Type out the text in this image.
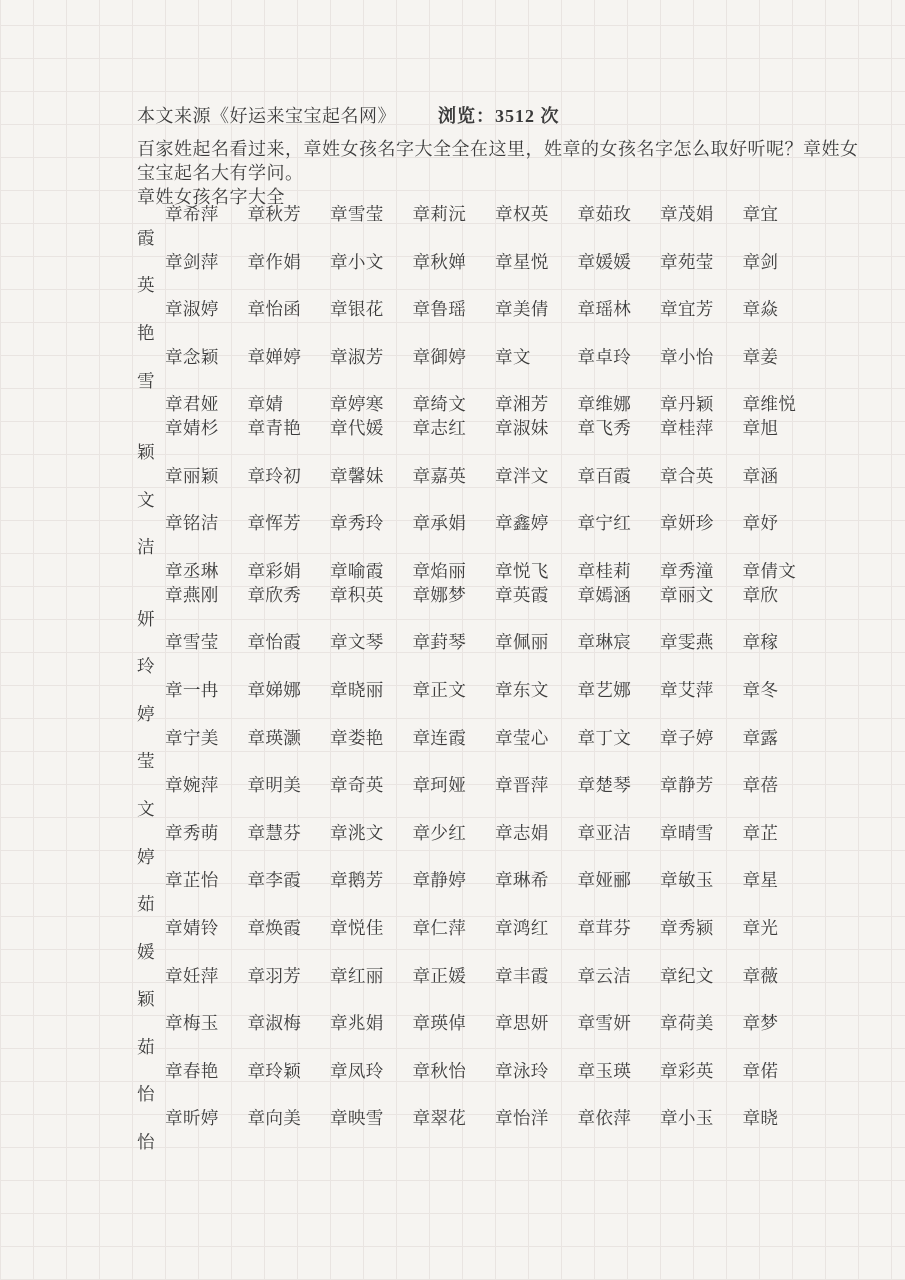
本文来源《好运来宝宝起名网》 浏览：3512 次
百家姓起名看过来，章姓女孩名字大全全在这里，姓章的女孩名字怎么取好听呢？章姓女
宝宝起名大有学问。
章姓女孩名字大全
章希萍 章秋芳 章雪莹 章莉沅 章权英 章茹玫 章茂娟 章宜
霞
章剑萍 章作娟 章小文 章秋婵 章星悦 章媛媛 章苑莹 章剑
英
章淑婷 章怡函 章银花 章鲁瑶 章美倩 章瑶林 章宜芳 章焱
艳
章念颖 章婵婷 章淑芳 章御婷 章文	章卓玲 章小怡 章姜
雪
章君娅 章婧	章婷寒 章绮文 章湘芳 章维娜 章丹颖 章维悦
章婧杉 章青艳 章代媛 章志红 章淑妹 章飞秀 章桂萍 章旭
颖
章丽颖 章玲初 章馨妹 章嘉英 章泮文 章百霞 章合英 章涵
文
章铭洁 章恽芳 章秀玲 章承娟 章鑫婷 章宁红 章妍珍 章妤
洁
章丞琳 章彩娟 章喻霞 章焰丽 章悦飞 章桂莉 章秀潼 章倩文
章燕刚 章欣秀 章积英 章娜梦 章英霞 章嫣涵 章丽文 章欣
妍
章雪莹 章怡霞 章文琴 章葑琴 章佩丽 章琳宸 章雯燕 章稼
玲
章一冉 章娣娜 章晓丽 章正文 章东文 章艺娜 章艾萍 章冬
婷
章宁美 章瑛灏 章娄艳 章连霞 章莹心 章丁文 章子婷 章露
莹
章婉萍 章明美 章奇英 章珂娅 章晋萍 章楚琴 章静芳 章蓓
文
章秀萌 章慧芬 章洮文 章少红 章志娟 章亚洁 章晴雪 章芷
婷
章芷怡 章李霞 章鹅芳 章静婷 章琳希 章娅郦 章敏玉 章星
茹
章婧铃 章焕霞 章悦佳 章仁萍 章鸿红 章茸芬 章秀颍 章光
媛
章妊萍 章羽芳 章红丽 章正媛 章丰霞 章云洁 章纪文 章薇
颖
章梅玉 章淑梅 章兆娟 章瑛倬 章思妍 章雪妍 章荷美 章梦
茹
章春艳 章玲颖 章凤玲 章秋怡 章泳玲 章玉瑛 章彩英 章偌
怡
章昕婷 章向美 章映雪 章翠花 章怡洋 章依萍 章小玉 章晓
怡
